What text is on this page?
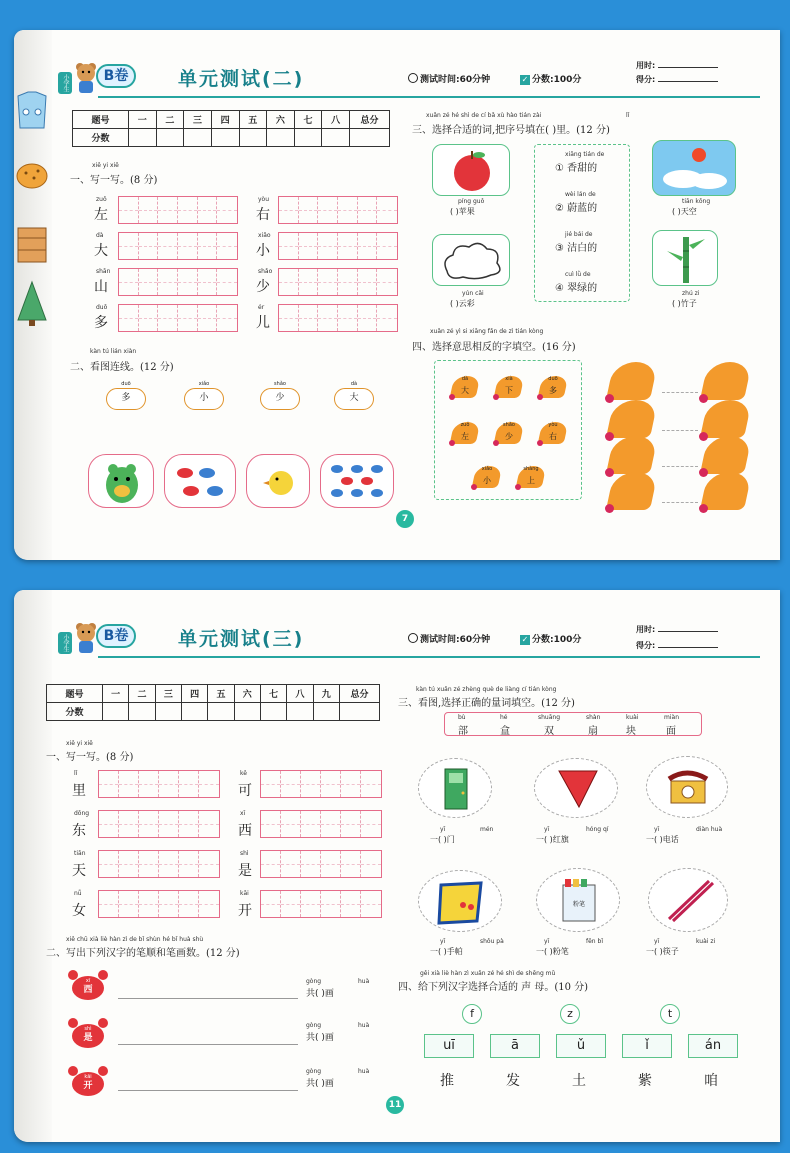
小学生	B卷	单元测试(二)	测试时间:60分钟	✓ 分数:100分
用时:
得分:
题号	一	二	三	四	五	六	七	八	总分
分数									
xiě yi xiě
一、写一写。(8 分)
zuǒ
左
yòu
右
dà
大
xiǎo
小
shān
山
shǎo
少
duō
多
ér
儿
kàn tú lián xiàn
二、看图连线。(12 分)
duō
多
xiǎo
小
shǎo
少
dà
大
xuǎn zé hé shì de cí bǎ xù hào tián zài	lǐ
三、选择合适的词,把序号填在( )里。(12 分)
píng guǒ
( )苹果
xiāng tián de
① 香甜的
wèi lán de
② 蔚蓝的
jié bái de
③ 洁白的
cuì lǜ de
④ 翠绿的
tiān kōng
( )天空
yún cǎi
( )云彩
zhú zi
( )竹子
xuǎn zé yì si xiāng fǎn de zì tián kòng
四、选择意思相反的字填空。(16 分)
dà
大
xià
下
duō
多
zuǒ
左
shǎo
少
yòu
右
xiǎo
小
shàng
上
7
小学生	B卷	单元测试(三)	测试时间:60分钟	✓ 分数:100分
用时:
得分:
题号	一	二	三	四	五	六	七	八	九	总分
分数										
xiě yi xiě
一、写一写。(8 分)
lǐ
里
kě
可
dōng
东
xī
西
tiān
天
shì
是
nǚ
女
kāi
开
xiě chū xià liè hàn zì de bǐ shùn hé bǐ huà shù
二、写出下列汉字的笔顺和笔画数。(12 分)
xī
西
gòng	huà
共( )画
shì
是
gòng	huà
共( )画
kāi
开
gòng	huà
共( )画
kàn tú xuǎn zé zhèng què de liàng cí tián kòng
三、看图,选择正确的量词填空。(12 分)
bù
部
hé
盒
shuāng
双
shàn
扇
kuài
块
miàn
面
yī	mén
一( )门
yī	hóng qí
一( )红旗
yī	diàn huà
一( )电话
yī	shǒu pà
一( )手帕
粉笔
yī	fěn bǐ
一( )粉笔
yī	kuài zi
一( )筷子
gěi xià liè hàn zì xuǎn zé hé shì de shēng mǔ
四、给下列汉字选择合适的 声 母。(10 分)
f	z	t
uī	ā	ǔ	ǐ	án
推	发	土	紫	咱
11
